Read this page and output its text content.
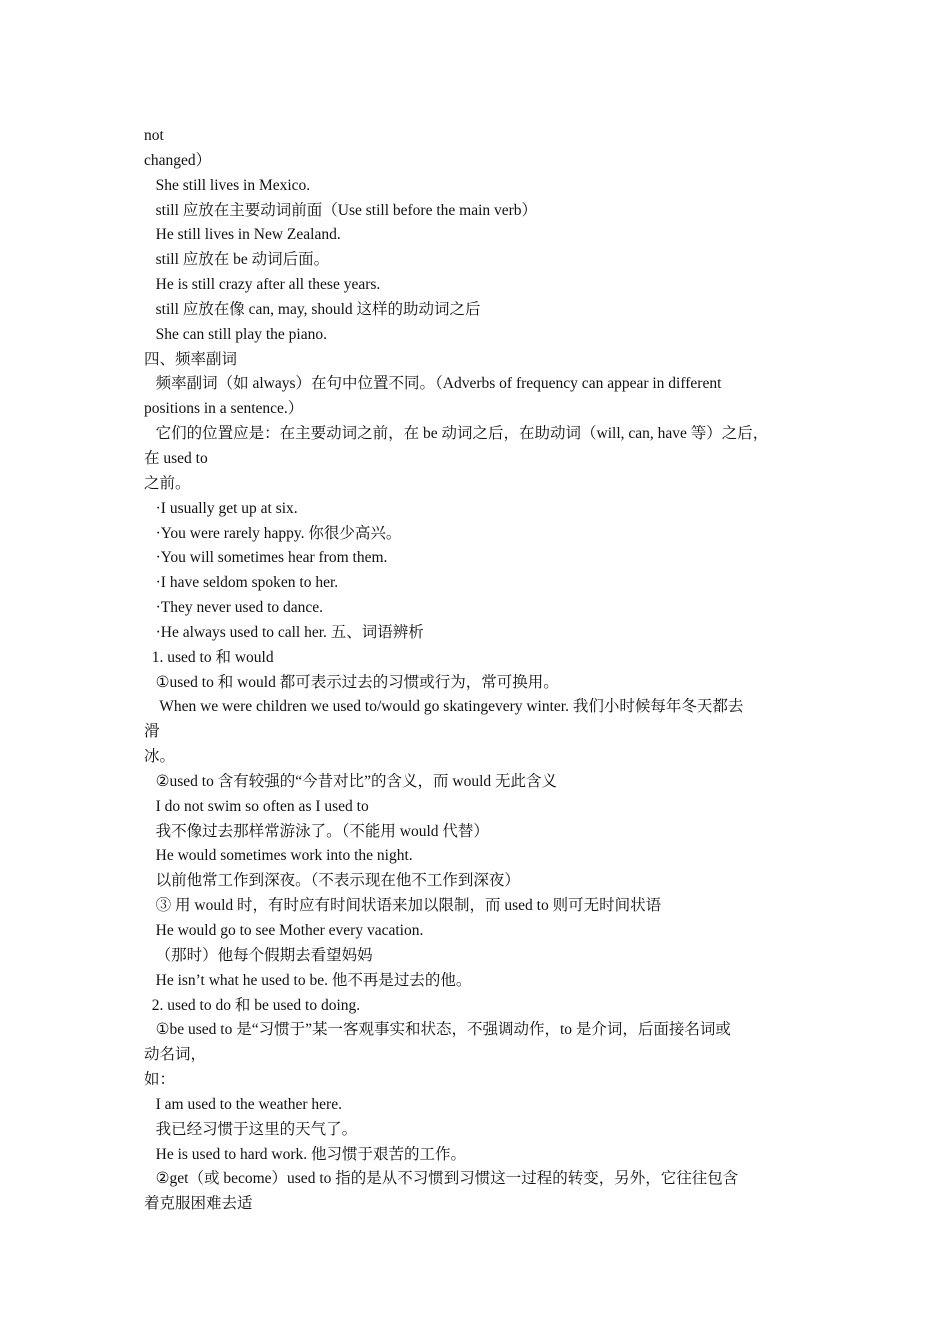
not
changed）
She still lives in Mexico.
still 应放在主要动词前面（Use still before the main verb）
He still lives in New Zealand.
still 应放在 be 动词后面。
He is still crazy after all these years.
still 应放在像 can, may, should 这样的助动词之后
She can still play the piano.
四、频率副词
频率副词（如 always）在句中位置不同。（Adverbs of frequency can appear in different
positions in a sentence.）
它们的位置应是：在主要动词之前，在 be 动词之后，在助动词（will, can, have 等）之后，
在 used to
之前。
·I usually get up at six.
·You were rarely happy. 你很少高兴。
·You will sometimes hear from them.
·I have seldom spoken to her.
·They never used to dance.
·He always used to call her. 五、词语辨析
1. used to 和 would
①used to 和 would 都可表示过去的习惯或行为，常可换用。
When we were children we used to/would go skatingevery winter. 我们小时候每年冬天都去
滑
冰。
②used to 含有较强的“今昔对比”的含义，而 would 无此含义
I do not swim so often as I used to
我不像过去那样常游泳了。（不能用 would 代替）
He would sometimes work into the night.
以前他常工作到深夜。（不表示现在他不工作到深夜）
③ 用 would 时，有时应有时间状语来加以限制，而 used to 则可无时间状语
He would go to see Mother every vacation.
（那时）他每个假期去看望妈妈
He isn’t what he used to be. 他不再是过去的他。
2. used to do 和 be used to doing.
①be used to 是“习惯于”某一客观事实和状态，不强调动作，to 是介词，后面接名词或
动名词，
如：
I am used to the weather here.
我已经习惯于这里的天气了。
He is used to hard work. 他习惯于艰苦的工作。
②get（或 become）used to 指的是从不习惯到习惯这一过程的转变，另外，它往往包含
着克服困难去适
